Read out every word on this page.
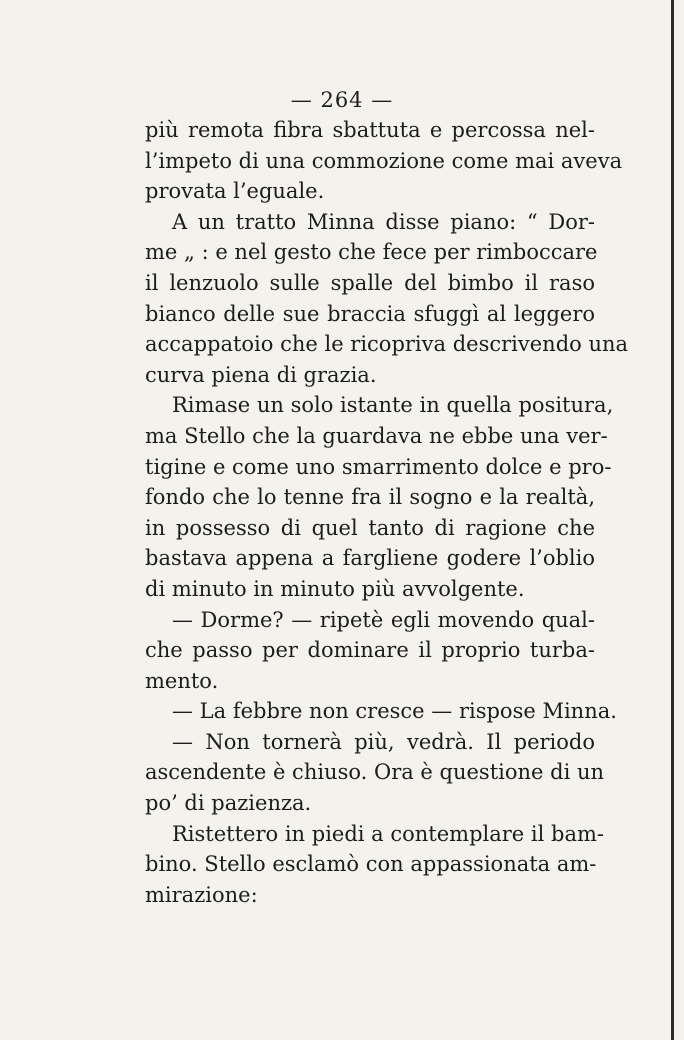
— 264 —
più remota fibra sbattuta e percossa nel-
l’impeto di una commozione come mai aveva
provata l’eguale.
A un tratto Minna disse piano: “ Dor-
me „ : e nel gesto che fece per rimboccare
il lenzuolo sulle spalle del bimbo il raso
bianco delle sue braccia sfuggì al leggero
accappatoio che le ricopriva descrivendo una
curva piena di grazia.
Rimase un solo istante in quella positura,
ma Stello che la guardava ne ebbe una ver-
tigine e come uno smarrimento dolce e pro-
fondo che lo tenne fra il sogno e la realtà,
in possesso di quel tanto di ragione che
bastava appena a fargliene godere l’oblio
di minuto in minuto più avvolgente.
— Dorme? — ripetè egli movendo qual-
che passo per dominare il proprio turba-
mento.
— La febbre non cresce — rispose Minna.
— Non tornerà più, vedrà. Il periodo
ascendente è chiuso. Ora è questione di un
po’ di pazienza.
Ristettero in piedi a contemplare il bam-
bino. Stello esclamò con appassionata am-
mirazione:
